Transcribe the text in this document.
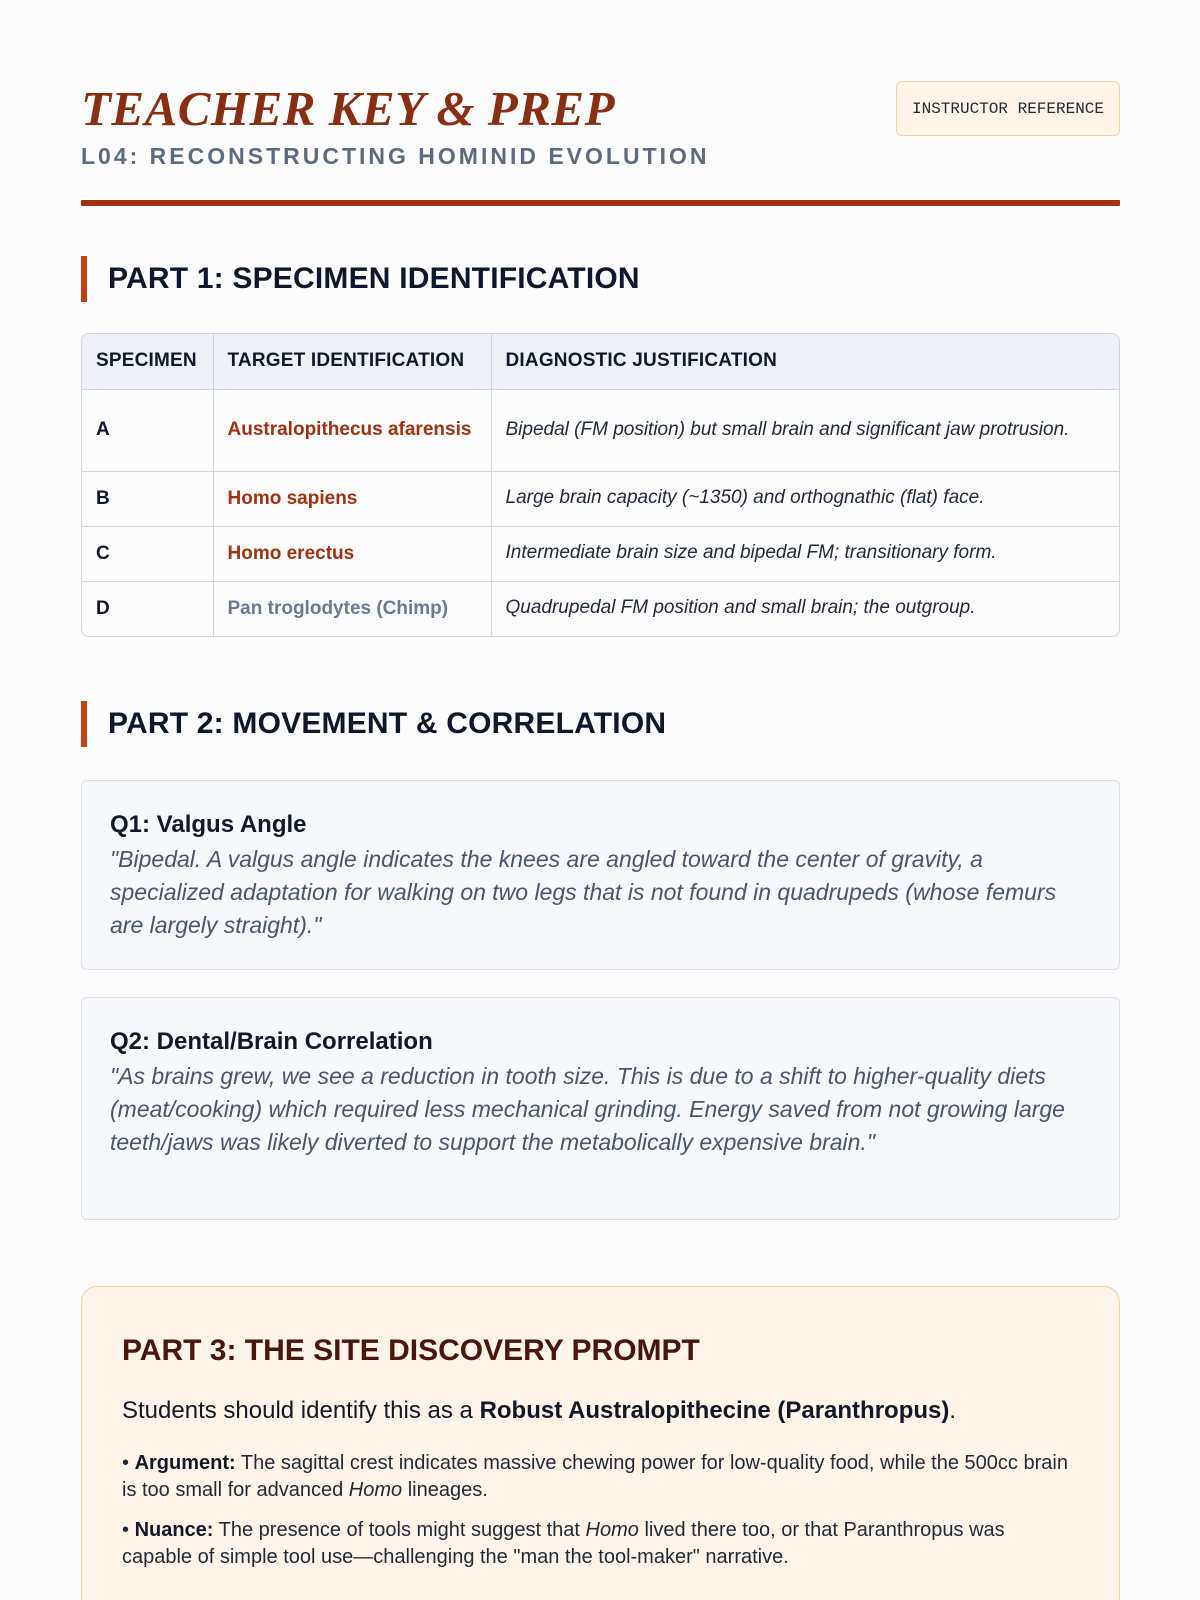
TEACHER KEY & PREP
L04: RECONSTRUCTING HOMINID EVOLUTION
INSTRUCTOR REFERENCE
PART 1: SPECIMEN IDENTIFICATION
SPECIMEN	TARGET IDENTIFICATION	DIAGNOSTIC JUSTIFICATION
A	Australopithecus afarensis	Bipedal (FM position) but small brain and significant jaw protrusion.
B	Homo sapiens	Large brain capacity (~1350) and orthognathic (flat) face.
C	Homo erectus	Intermediate brain size and bipedal FM; transitionary form.
D	Pan troglodytes (Chimp)	Quadrupedal FM position and small brain; the outgroup.
PART 2: MOVEMENT & CORRELATION
Q1: Valgus Angle
"Bipedal. A valgus angle indicates the knees are angled toward the center of gravity, a specialized adaptation for walking on two legs that is not found in quadrupeds (whose femurs are largely straight)."
Q2: Dental/Brain Correlation
"As brains grew, we see a reduction in tooth size. This is due to a shift to higher-quality diets (meat/cooking) which required less mechanical grinding. Energy saved from not growing large teeth/jaws was likely diverted to support the metabolically expensive brain."
PART 3: THE SITE DISCOVERY PROMPT
Students should identify this as a Robust Australopithecine (Paranthropus).
• Argument: The sagittal crest indicates massive chewing power for low-quality food, while the 500cc brain is too small for advanced Homo lineages.
• Nuance: The presence of tools might suggest that Homo lived there too, or that Paranthropus was capable of simple tool use—challenging the "man the tool-maker" narrative.
